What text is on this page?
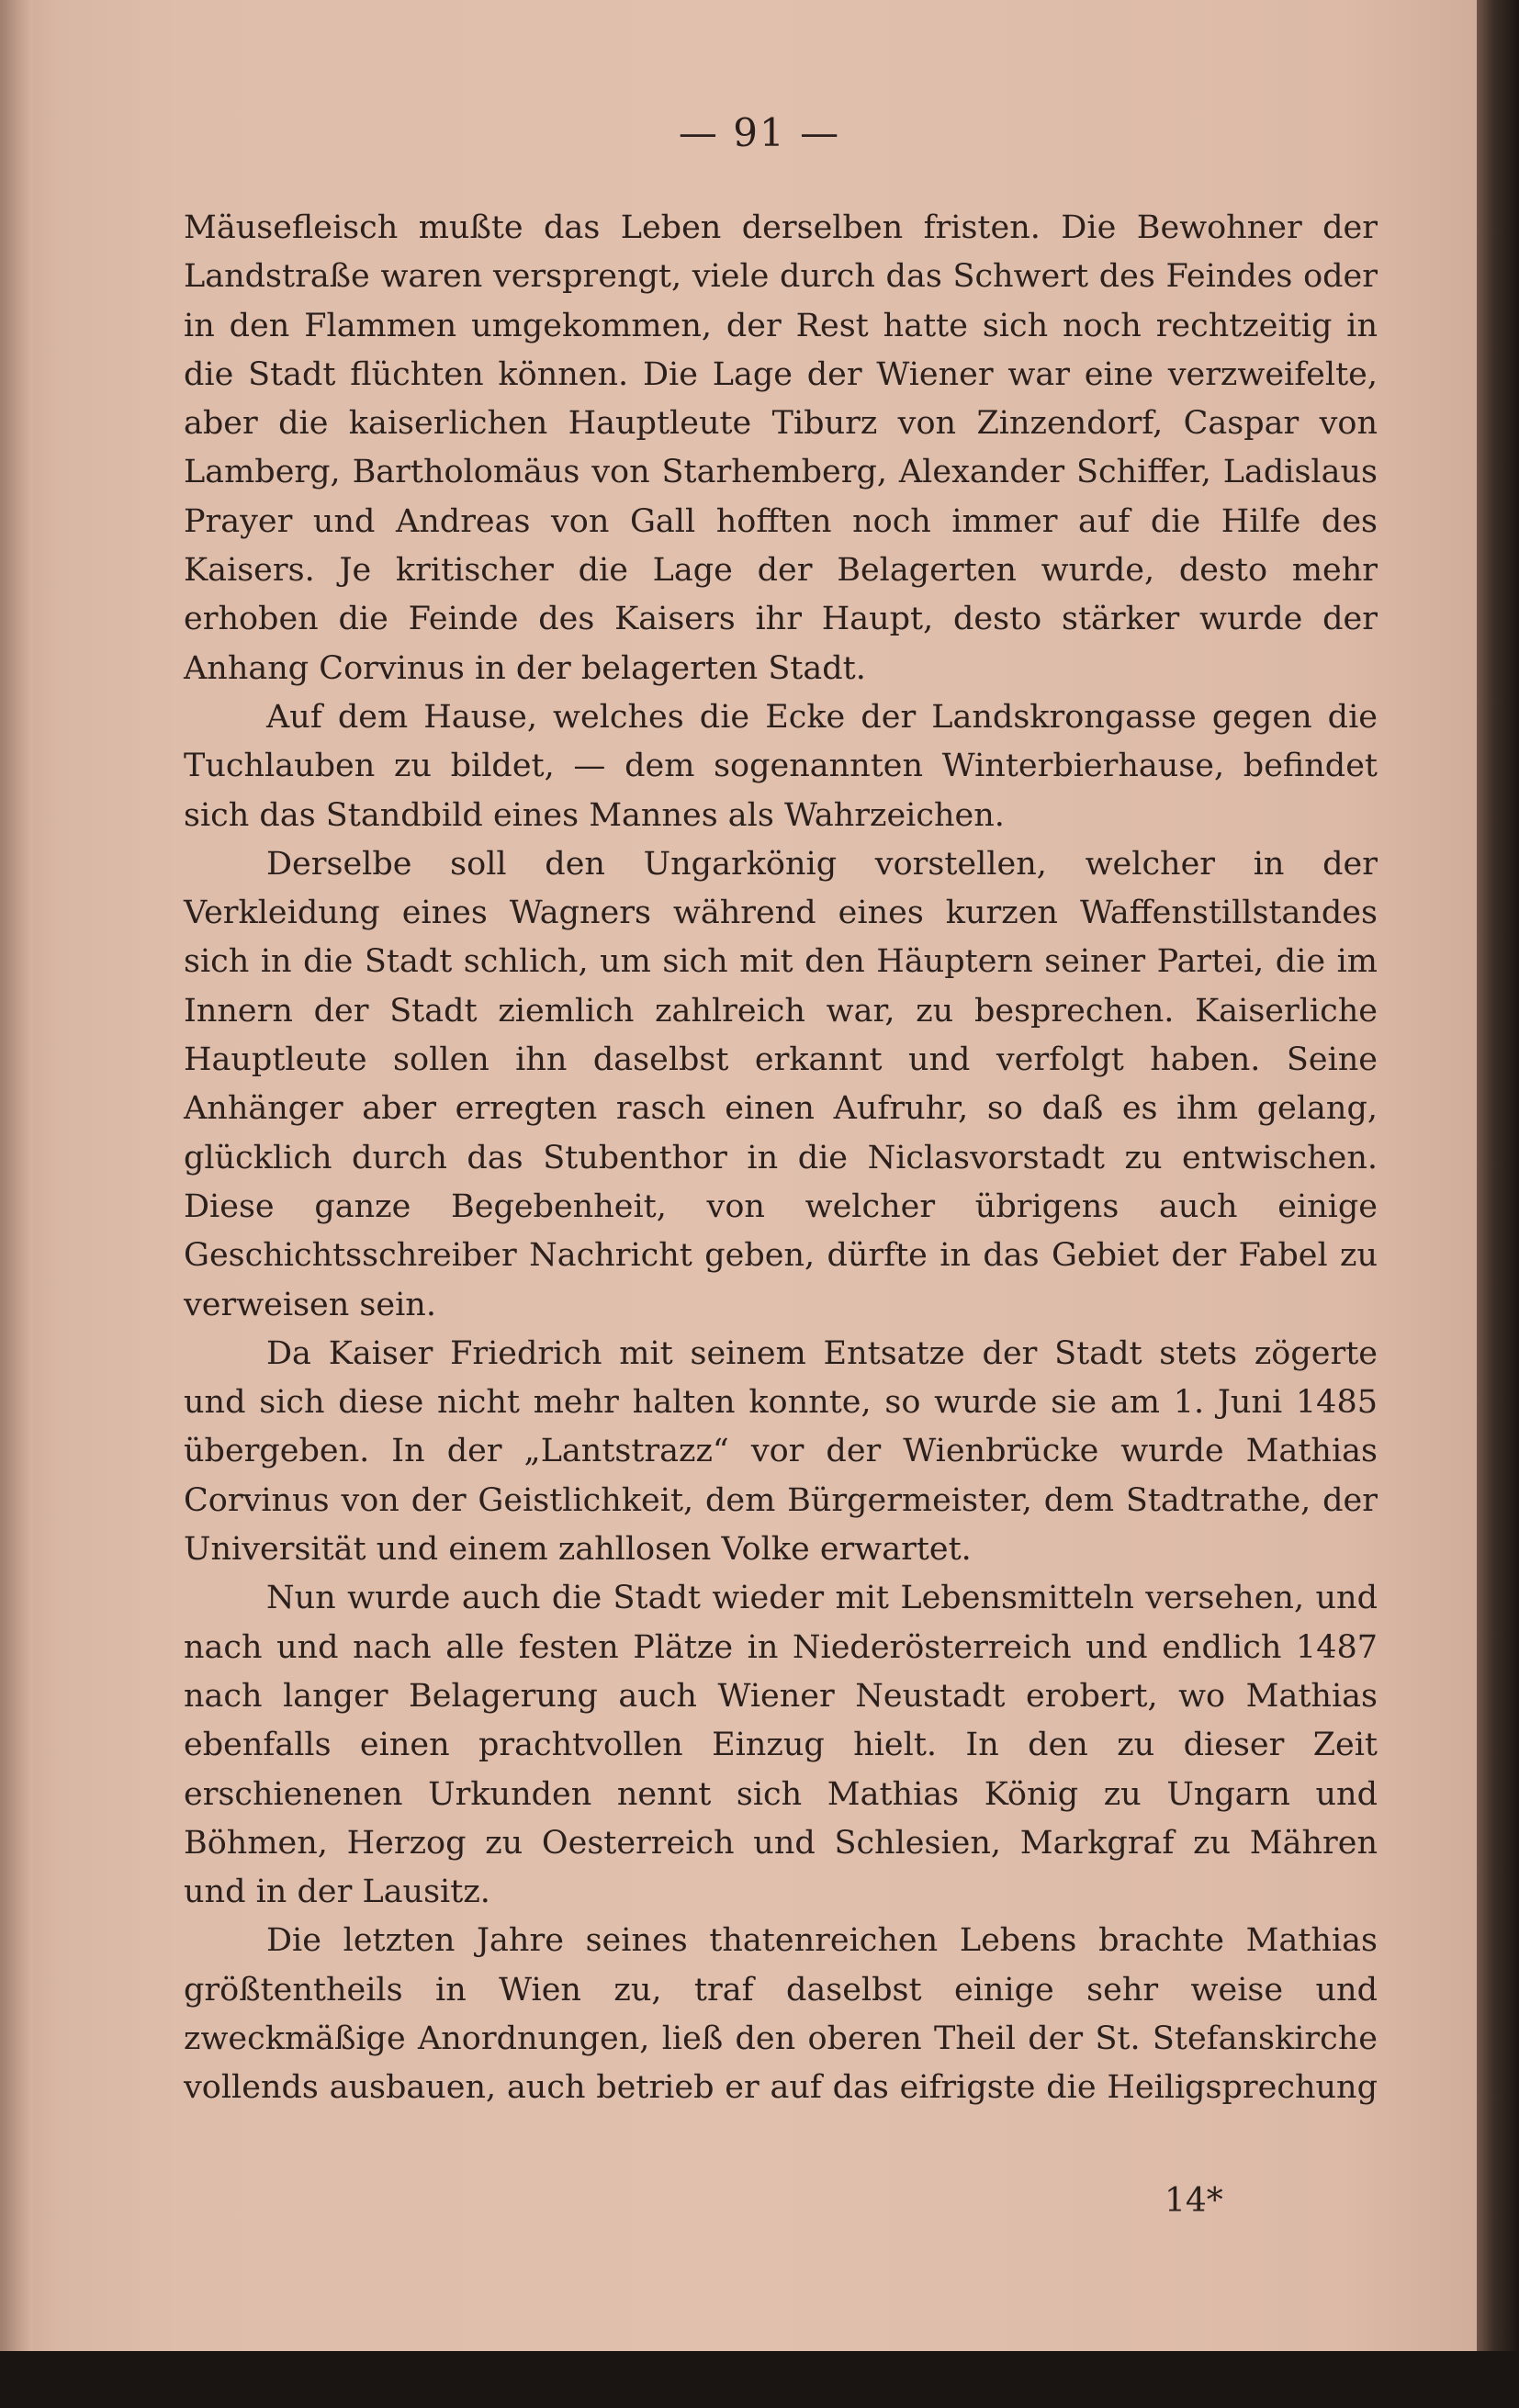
— 91 —

Mäusefleisch mußte das Leben derselben fristen. Die Bewohner der Landstraße waren versprengt, viele durch das Schwert des Feindes oder in den Flammen umgekommen, der Rest hatte sich noch rechtzeitig in die Stadt flüchten können. Die Lage der Wiener war eine verzweifelte, aber die kaiserlichen Hauptleute Tiburz von Zinzendorf, Caspar von Lamberg, Bartholomäus von Starhemberg, Alexander Schiffer, Ladislaus Prayer und Andreas von Gall hofften noch immer auf die Hilfe des Kaisers. Je kritischer die Lage der Belagerten wurde, desto mehr erhoben die Feinde des Kaisers ihr Haupt, desto stärker wurde der Anhang Corvinus in der belagerten Stadt.

Auf dem Hause, welches die Ecke der Landskrongasse gegen die Tuchlauben zu bildet, — dem sogenannten Winterbierhause, befindet sich das Standbild eines Mannes als Wahrzeichen.

Derselbe soll den Ungarkönig vorstellen, welcher in der Verkleidung eines Wagners während eines kurzen Waffenstillstandes sich in die Stadt schlich, um sich mit den Häuptern seiner Partei, die im Innern der Stadt ziemlich zahlreich war, zu besprechen. Kaiserliche Hauptleute sollen ihn daselbst erkannt und verfolgt haben. Seine Anhänger aber erregten rasch einen Aufruhr, so daß es ihm gelang, glücklich durch das Stubenthor in die Niclasvorstadt zu entwischen. Diese ganze Begebenheit, von welcher übrigens auch einige Geschichtsschreiber Nachricht geben, dürfte in das Gebiet der Fabel zu verweisen sein.

Da Kaiser Friedrich mit seinem Entsatze der Stadt stets zögerte und sich diese nicht mehr halten konnte, so wurde sie am 1. Juni 1485 übergeben. In der „Lantstrazz“ vor der Wienbrücke wurde Mathias Corvinus von der Geistlichkeit, dem Bürgermeister, dem Stadtrathe, der Universität und einem zahllosen Volke erwartet.

Nun wurde auch die Stadt wieder mit Lebensmitteln versehen, und nach und nach alle festen Plätze in Niederösterreich und endlich 1487 nach langer Belagerung auch Wiener Neustadt erobert, wo Mathias ebenfalls einen prachtvollen Einzug hielt. In den zu dieser Zeit erschienenen Urkunden nennt sich Mathias König zu Ungarn und Böhmen, Herzog zu Oesterreich und Schlesien, Markgraf zu Mähren und in der Lausitz.

Die letzten Jahre seines thatenreichen Lebens brachte Mathias größtentheils in Wien zu, traf daselbst einige sehr weise und zweckmäßige Anordnungen, ließ den oberen Theil der St. Stefanskirche vollends ausbauen, auch betrieb er auf das eifrigste die Heiligsprechung

14*
